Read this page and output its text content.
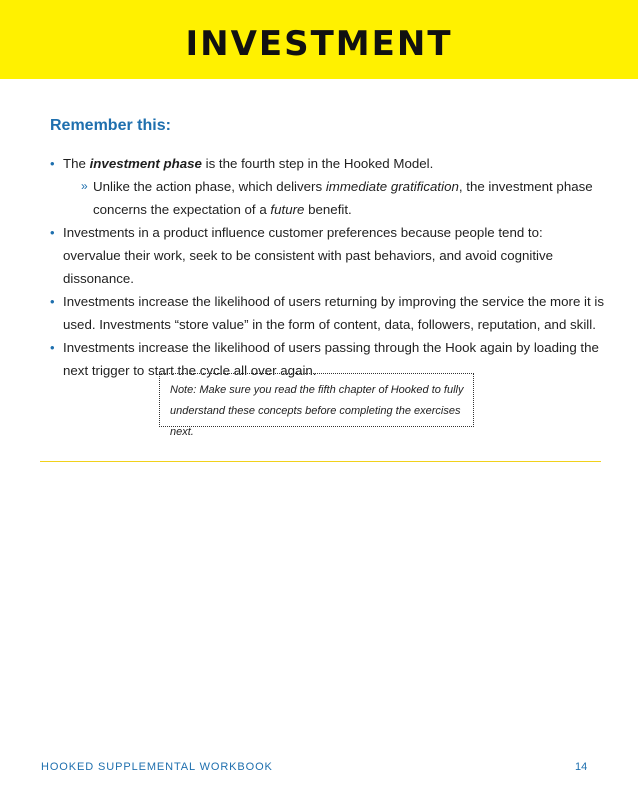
INVESTMENT
Remember this:
• The investment phase is the fourth step in the Hooked Model.
» Unlike the action phase, which delivers immediate gratification, the investment phase
concerns the expectation of a future benefit.
• Investments in a product influence customer preferences because people tend to:
overvalue their work, seek to be consistent with past behaviors, and avoid cognitive dissonance.
• Investments increase the likelihood of users returning by improving the service the more it is
used. Investments “store value” in the form of content, data, followers, reputation, and skill.
• Investments increase the likelihood of users passing through the Hook again by loading the
next trigger to start the cycle all over again.

Note: Make sure you read the fifth chapter of Hooked to fully
understand these concepts before completing the exercises next.

HOOKED SUPPLEMENTAL WORKBOOK	14
